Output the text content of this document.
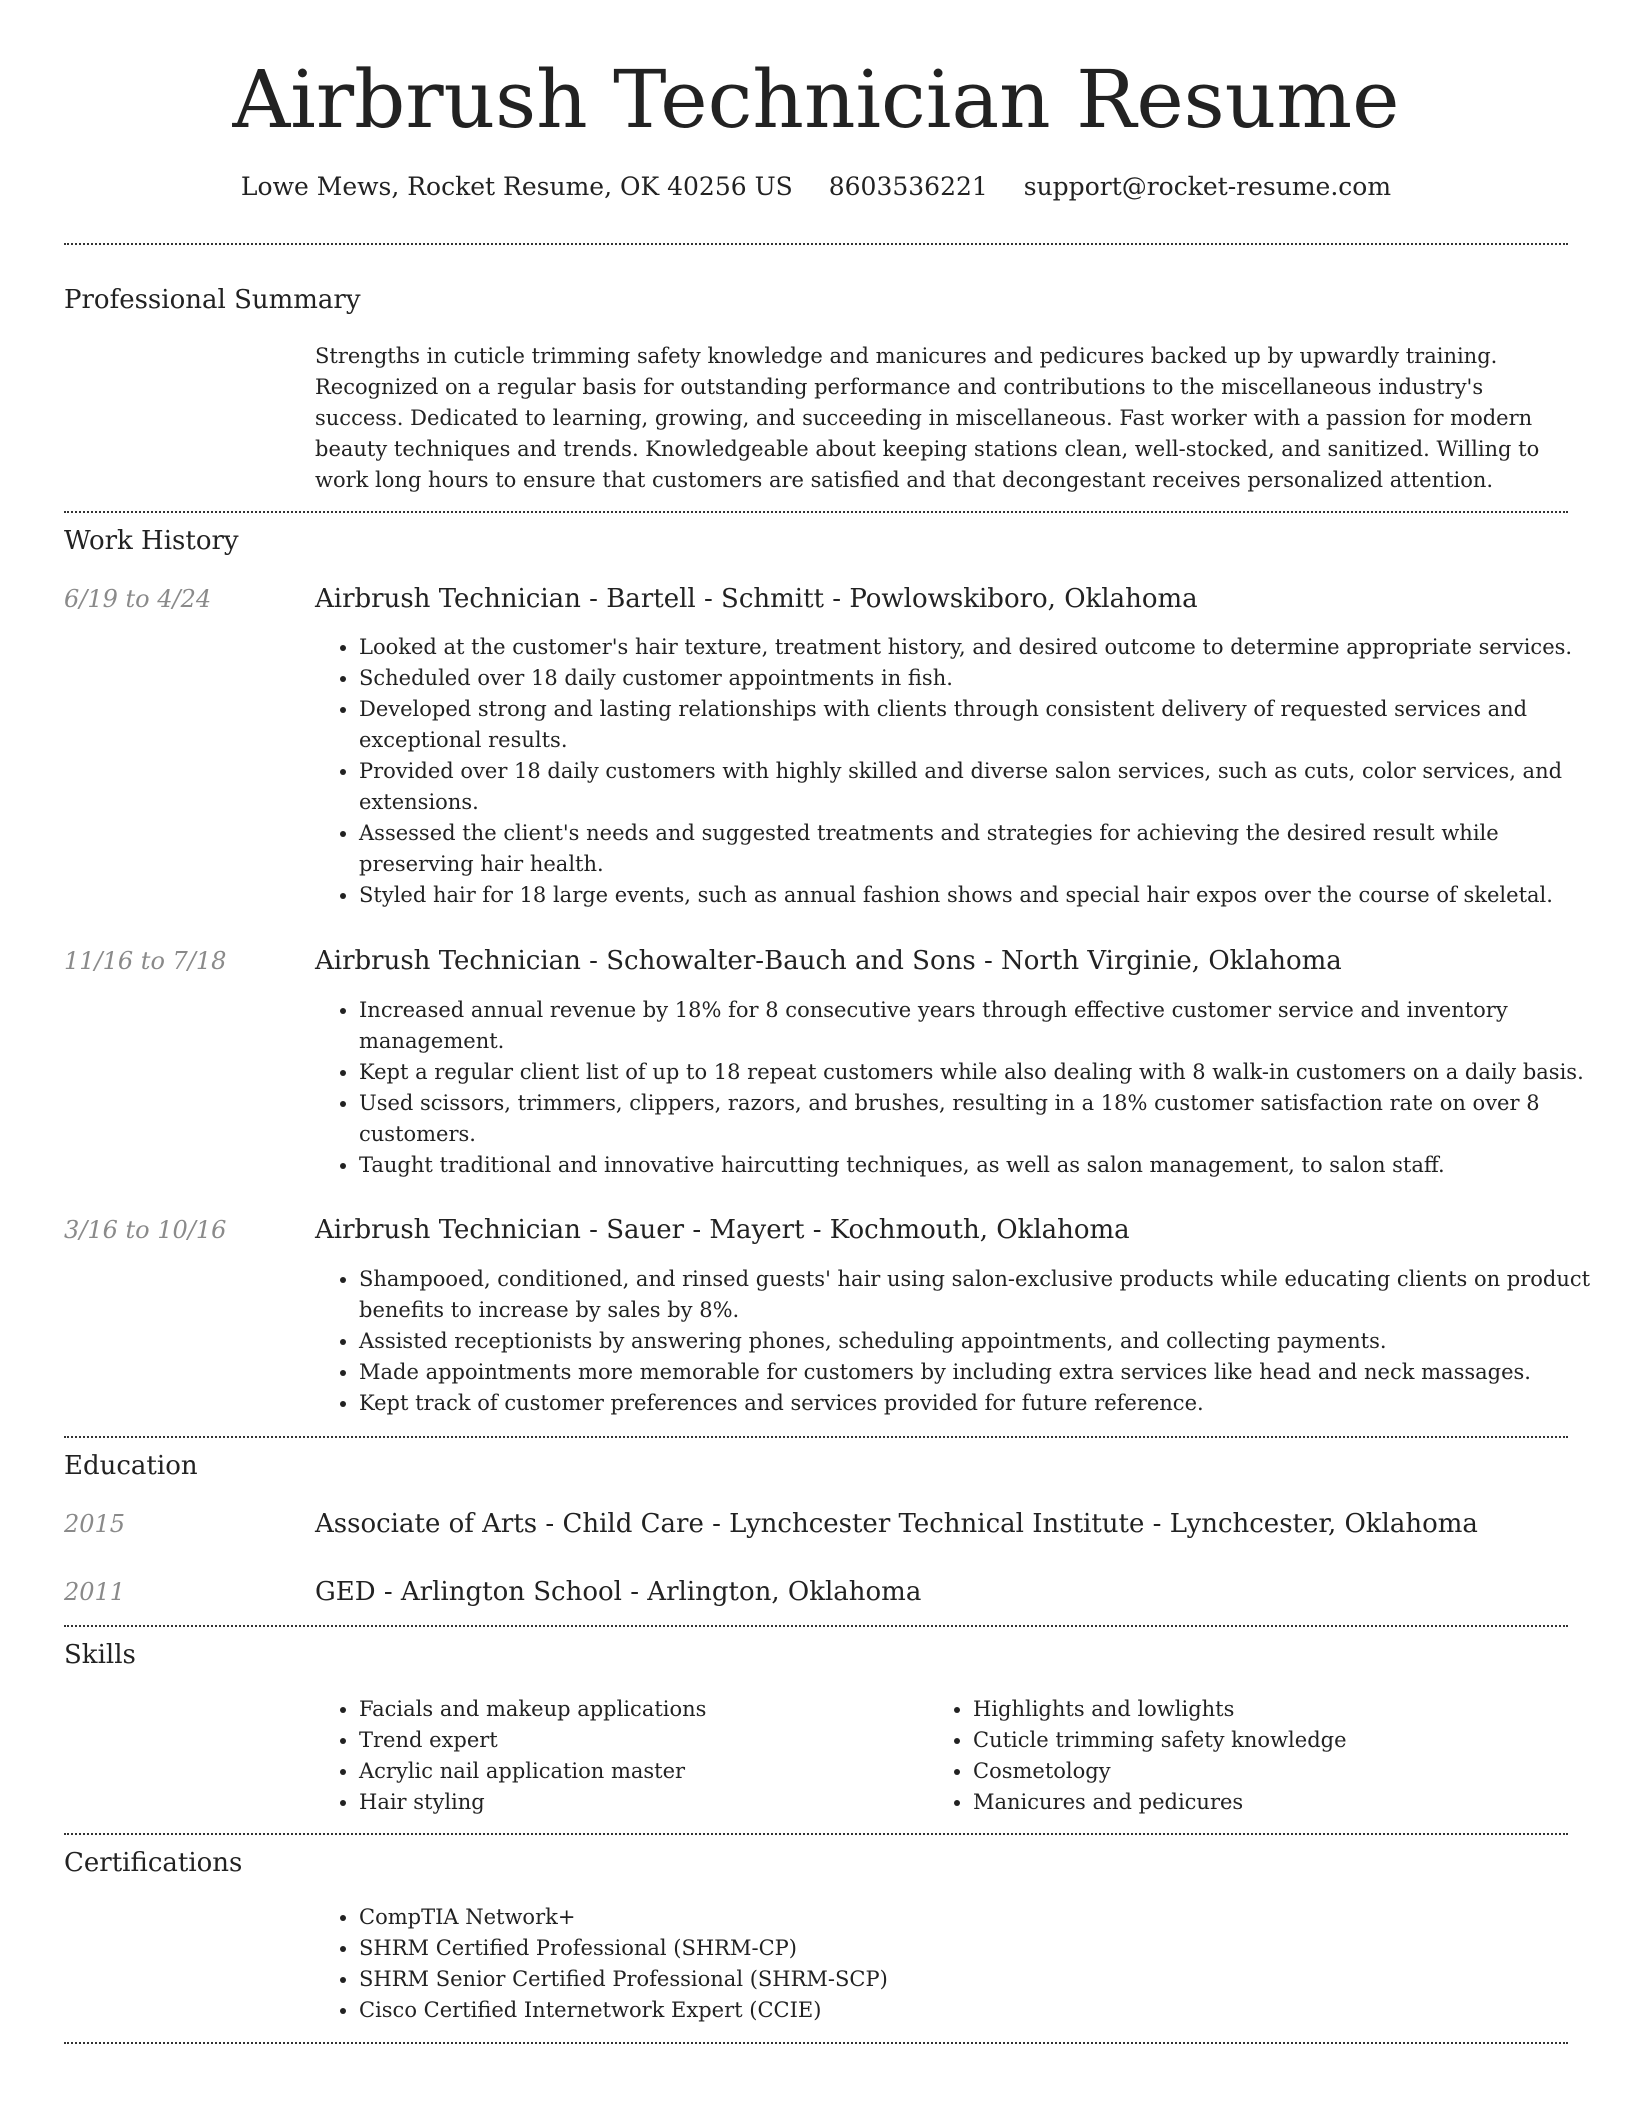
Airbrush Technician Resume
Lowe Mews, Rocket Resume, OK 40256 US 8603536221 support@rocket-resume.com
Professional Summary

Strengths in cuticle trimming safety knowledge and manicures and pedicures backed up by upwardly training. Recognized on a regular basis for outstanding performance and contributions to the miscellaneous industry's success. Dedicated to learning, growing, and succeeding in miscellaneous. Fast worker with a passion for modern beauty techniques and trends. Knowledgeable about keeping stations clean, well-stocked, and sanitized. Willing to work long hours to ensure that customers are satisfied and that decongestant receives personalized attention.

Work History
6/19 to 4/24	Airbrush Technician - Bartell - Schmitt - Powlowskiboro, Oklahoma
• Looked at the customer's hair texture, treatment history, and desired outcome to determine appropriate services.
• Scheduled over 18 daily customer appointments in fish.
• Developed strong and lasting relationships with clients through consistent delivery of requested services and exceptional results.
• Provided over 18 daily customers with highly skilled and diverse salon services, such as cuts, color services, and extensions.
• Assessed the client's needs and suggested treatments and strategies for achieving the desired result while preserving hair health.
• Styled hair for 18 large events, such as annual fashion shows and special hair expos over the course of skeletal.
11/16 to 7/18	Airbrush Technician - Schowalter-Bauch and Sons - North Virginie, Oklahoma
• Increased annual revenue by 18% for 8 consecutive years through effective customer service and inventory management.
• Kept a regular client list of up to 18 repeat customers while also dealing with 8 walk-in customers on a daily basis.
• Used scissors, trimmers, clippers, razors, and brushes, resulting in a 18% customer satisfaction rate on over 8 customers.
• Taught traditional and innovative haircutting techniques, as well as salon management, to salon staff.
3/16 to 10/16	Airbrush Technician - Sauer - Mayert - Kochmouth, Oklahoma
• Shampooed, conditioned, and rinsed guests' hair using salon-exclusive products while educating clients on product benefits to increase by sales by 8%.
• Assisted receptionists by answering phones, scheduling appointments, and collecting payments.
• Made appointments more memorable for customers by including extra services like head and neck massages.
• Kept track of customer preferences and services provided for future reference.
Education
2015	Associate of Arts - Child Care - Lynchcester Technical Institute - Lynchcester, Oklahoma
2011	GED - Arlington School - Arlington, Oklahoma
Skills
• Facials and makeup applications
• Trend expert
• Acrylic nail application master
• Hair styling
• Highlights and lowlights
• Cuticle trimming safety knowledge
• Cosmetology
• Manicures and pedicures
Certifications
• CompTIA Network+
• SHRM Certified Professional (SHRM-CP)
• SHRM Senior Certified Professional (SHRM-SCP)
• Cisco Certified Internetwork Expert (CCIE)
